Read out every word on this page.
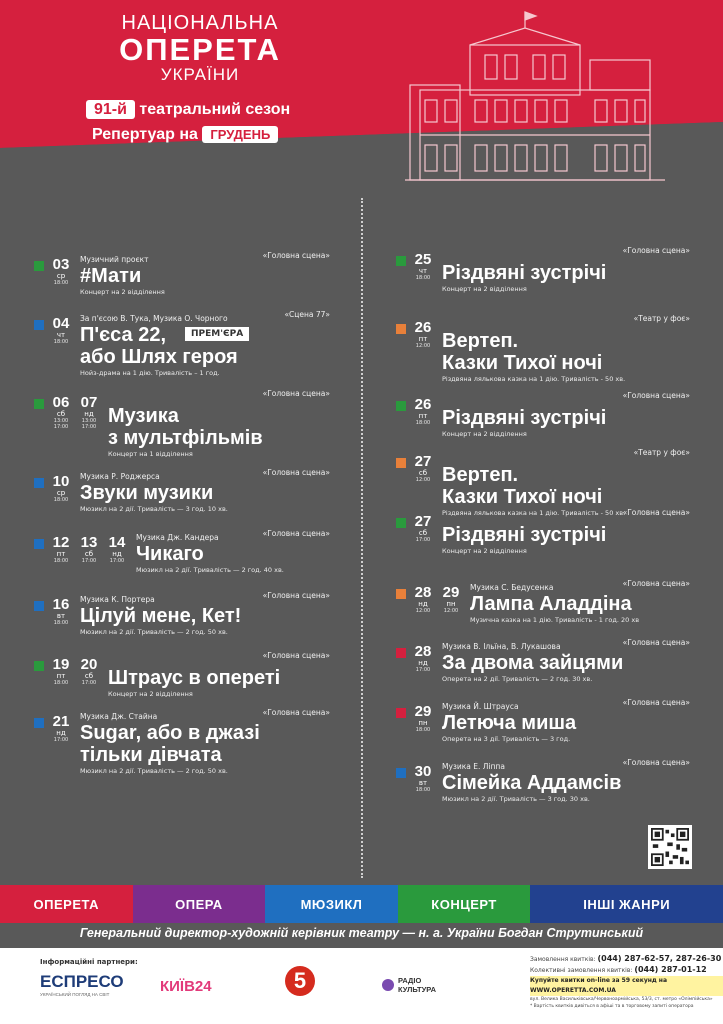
НАЦІОНАЛЬНА
ОПЕРЕТА
УКРАЇНИ
91-й театральний сезон
Репертуар на ГРУДЕНЬ
03
ср
18:00
Музичний проєкт	«Головна сцена»
#Мати
Концерт на 2 відділення
04
чт
18:00
За п'єсою В. Тука, Музика О. Чорного	«Сцена 77»
П'єса 22,
або Шлях героя
ПРЕМ'ЄРА
Нойз-драма на 1 дію. Тривалість – 1 год.
06
сб
13:00 17:00
07
нд
13:00 17:00
«Головна сцена»
Музика
з мультфільмів
Концерт на 1 відділення
10
ср
18:00
Музика Р. Роджерса	«Головна сцена»
Звуки музики
Мюзикл на 2 дії. Тривалість — 3 год. 10 хв.
12
пт
18:00
13
сб
17:00
14
нд
17:00
Музика Дж. Кандера	«Головна сцена»
Чикаго
Мюзикл на 2 дії. Тривалість — 2 год. 40 хв.
16
вт
18:00
Музика К. Портера	«Головна сцена»
Цілуй мене, Кет!
Мюзикл на 2 дії. Тривалість — 2 год. 50 хв.
19
пт
18:00
20
сб
17:00
«Головна сцена»
Штраус в опереті
Концерт на 2 відділення
21
нд
17:00
Музика Дж. Стайна	«Головна сцена»
Sugar, або в джазі
тільки дівчата
Мюзикл на 2 дії. Тривалість — 2 год. 50 хв.
25
чт
18:00
«Головна сцена»
Різдвяні зустрічі
Концерт на 2 відділення
26
пт
12:00
«Театр у фоє»
Вертеп.
Казки Тихої ночі
Різдвяна лялькова казка на 1 дію. Тривалість - 50 хв.
26
пт
18:00
«Головна сцена»
Різдвяні зустрічі
Концерт на 2 відділення
27
сб
12:00
«Театр у фоє»
Вертеп.
Казки Тихої ночі
Різдвяна лялькова казка на 1 дію. Тривалість - 50 хв.
27
сб
17:00
«Головна сцена»
Різдвяні зустрічі
Концерт на 2 відділення
28
нд
12:00
29
пн
12:00
Музика С. Бедусенка	«Головна сцена»
Лампа Аладдіна
Музична казка на 1 дію. Тривалість - 1 год. 20 хв
28
нд
17:00
Музика В. Ільїна, В. Лукашова	«Головна сцена»
За двома зайцями
Оперета на 2 дії. Тривалість — 2 год. 30 хв.
29
пн
18:00
Музика Й. Штрауса	«Головна сцена»
Летюча миша
Оперета на 3 дії. Тривалість — 3 год.
30
вт
18:00
Музика Е. Ліппа	«Головна сцена»
Сімейка Аддамсів
Мюзикл на 2 дії. Тривалість — 3 год. 30 хв.
ОПЕРЕТА	ОПЕРА	МЮЗИКЛ	КОНЦЕРТ	ІНШІ ЖАНРИ
Генеральний директор-художній керівник театру — н. а. України Богдан Струтинський
Інформаційні партнери:
ЕСПРЕСО
УКРАЇНСЬКИЙ ПОГЛЯД НА СВІТ	КИЇВ24	5	РАДІО КУЛЬТУРА
Замовлення квитків: (044) 287-62-57, 287-26-30
Колективні замовлення квитків: (044) 287-01-12
Купуйте квитки on-line за 59 секунд на WWW.OPERETTA.COM.UA
вул. Велика Васильківська/Червоноармійська, 53/3, ст. метро «Олімпійська»
* Вартість квитків дивіться в афіші та в торговому запиті оператора
